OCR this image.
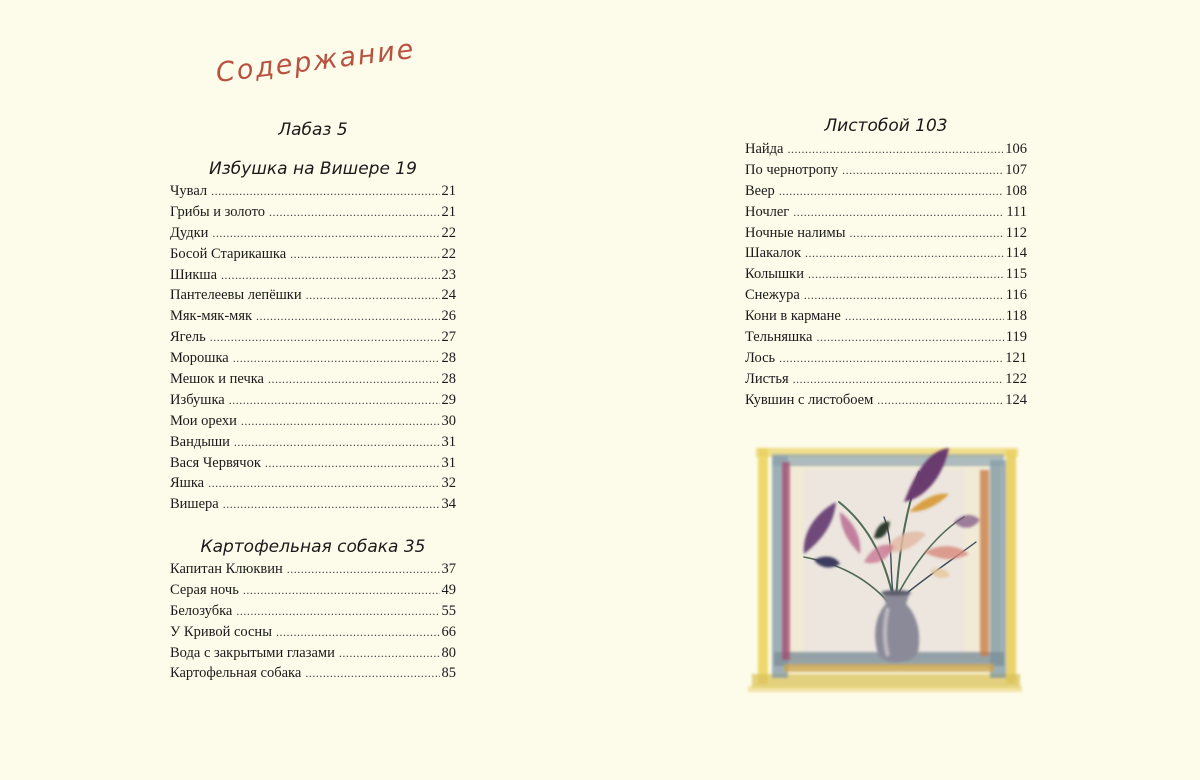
Содержание
Лабаз 5
Избушка на Вишере 19
Чувал .....	21
Грибы и золото .....	21
Дудки .....	22
Босой Старикашка .....	22
Шикша .....	23
Пантелеевы лепёшки .....	24
Мяк-мяк-мяк .....	26
Ягель .....	27
Морошка .....	28
Мешок и печка .....	28
Избушка .....	29
Мои орехи .....	30
Вандыши .....	31
Вася Червячок .....	31
Яшка .....	32
Вишера .....	34
Картофельная собака 35
Капитан Клюквин .....	37
Серая ночь .....	49
Белозубка .....	55
У Кривой сосны .....	66
Вода с закрытыми глазами .....	80
Картофельная собака .....	85
Листобой 103
Найда .....	106
По чернотропу .....	107
Веер .....	108
Ночлег .....	111
Ночные налимы .....	112
Шакалок .....	114
Колышки .....	115
Снежура .....	116
Кони в кармане .....	118
Тельняшка .....	119
Лось .....	121
Листья .....	122
Кувшин с листобоем .....	124
